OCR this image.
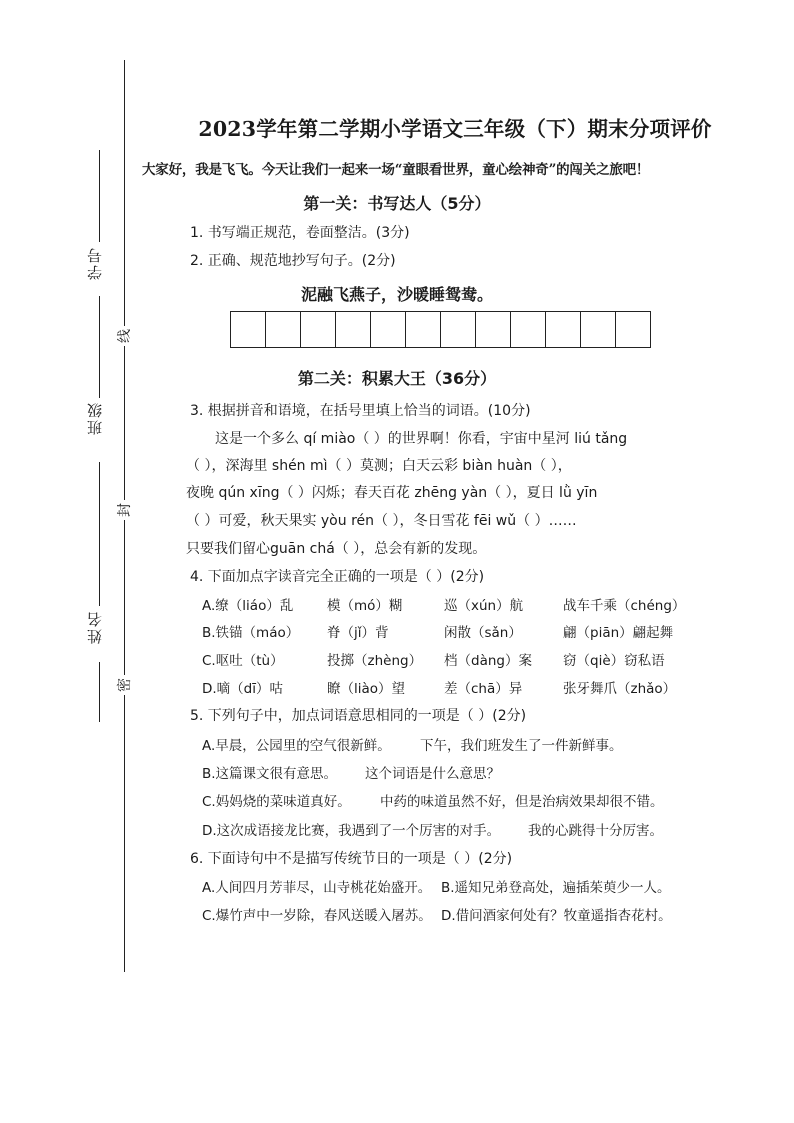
学号
班级
姓名
线
封
密
2023学年第二学期小学语文三年级（下）期末分项评价
大家好，我是飞飞。今天让我们一起来一场“童眼看世界，童心绘神奇”的闯关之旅吧！
第一关：书写达人（5分）
1. 书写端正规范，卷面整洁。(3分)
2. 正确、规范地抄写句子。(2分)
泥融飞燕子，沙暖睡鸳鸯。
第二关：积累大王（36分）
3. 根据拼音和语境，在括号里填上恰当的词语。(10分)
这是一个多么 qí miào（ ）的世界啊！你看，宇宙中星河 liú tǎng
（ ），深海里 shén mì（ ）莫测；白天云彩 biàn huàn（ ），
夜晚 qún xīng（ ）闪烁；春天百花 zhēng yàn（ ），夏日 lǜ yīn
（ ）可爱，秋天果实 yòu rén（ ），冬日雪花 fēi wǔ（ ）……
只要我们留心guān chá（ ），总会有新的发现。
4. 下面加点字读音完全正确的一项是（ ）(2分)
A.缭（liáo）乱 模（mó）糊	巡（xún）航	战车千乘（chéng）
B.铁锚（máo） 脊（jǐ）背	闲散（sǎn）	翩（piān）翩起舞
C.呕吐（tù）	投掷（zhèng） 档（dàng）案 窃（qiè）窃私语
D.嘀（dī）咕	瞭（liào）望	差（chā）异	张牙舞爪（zhǎo）
5. 下列句子中，加点词语意思相同的一项是（ ）(2分)
A.早晨，公园里的空气很新鲜。 下午，我们班发生了一件新鲜事。
B.这篇课文很有意思。 这个词语是什么意思？
C.妈妈烧的菜味道真好。 中药的味道虽然不好，但是治病效果却很不错。
D.这次成语接龙比赛，我遇到了一个厉害的对手。 我的心跳得十分厉害。
6. 下面诗句中不是描写传统节日的一项是（ ）(2分)
A.人间四月芳菲尽，山寺桃花始盛开。 B.遥知兄弟登高处，遍插茱萸少一人。
C.爆竹声中一岁除，春风送暖入屠苏。 D.借问酒家何处有？牧童遥指杏花村。
